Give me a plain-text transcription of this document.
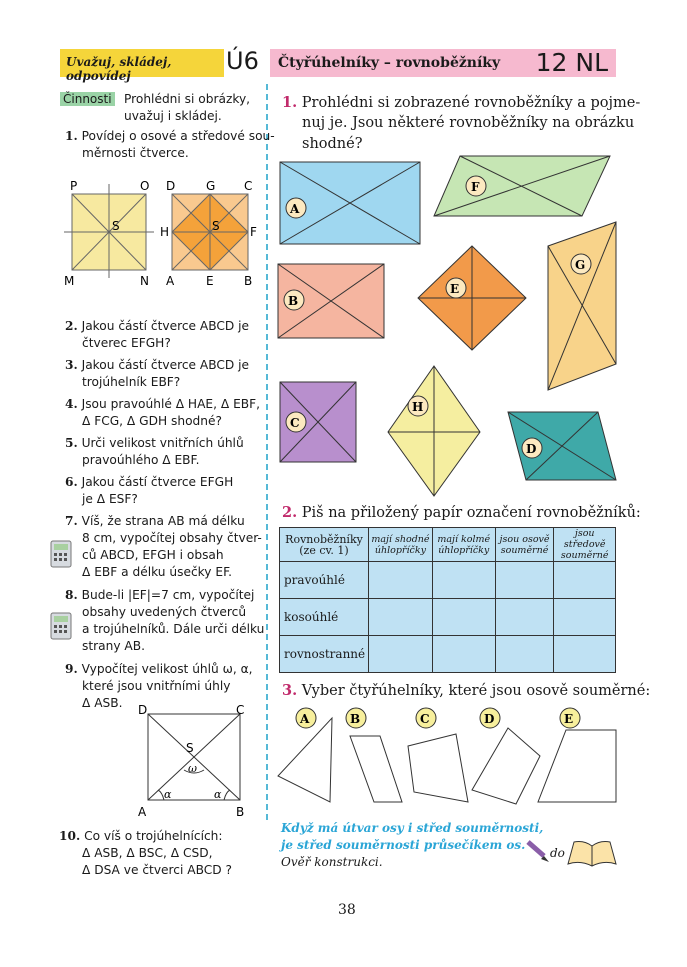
Uvažuj, skládej, odpovídej
Ú6 Čtyřúhelníky – rovnoběžníky 12 NL
Činnosti Prohlédni si obrázky,
uvažuj i skládej.
1. Povídej o osové a středové sou-
měrnosti čtverce.
P	O
M	N
S
D	G C
H	F
A	E	B
S
2. Jakou částí čtverce ABCD je
čtverec EFGH?
3. Jakou částí čtverce ABCD je
trojúhelník EBF?
4. Jsou pravoúhlé Δ HAE, Δ EBF,
Δ FCG, Δ GDH shodné?
5. Urči velikost vnitřních úhlů
pravoúhlého Δ EBF.
6. Jakou částí čtverce EFGH
je Δ ESF?
7. Víš, že strana AB má délku
8 cm, vypočítej obsahy čtver-
ců ABCD, EFGH i obsah
Δ EBF a délku úsečky EF.
8. Bude-li |EF|=7 cm, vypočítej
obsahy uvedených čtverců
a trojúhelníků. Dále urči délku
strany AB.
9. Vypočítej velikost úhlů ω, α,
které jsou vnitřními úhly
Δ ASB. D	C
S
ω
α	α
A	B
10. Co víš o trojúhelnících:
Δ ASB, Δ BSC, Δ CSD,
Δ DSA ve čtverci ABCD ?
1. Prohlédni si zobrazené rovnoběžníky a pojme-
nuj je. Jsou některé rovnoběžníky na obrázku
shodné?
A
F
G
B
E
C
H
D
2. Piš na přiložený papír označení rovnoběžníků:
Rovnoběžníky (ze cv. 1)	mají shodné úhlopříčky	mají kolmé úhlopříčky	jsou osově souměrné	jsou středově souměrné
pravoúhlé				
kosoúhlé				
rovnostranné				
3. Vyber čtyřúhelníky, které jsou osově souměrné:
A	B	C	D	E
Když má útvar osy i střed souměrnosti,
je střed souměrnosti průsečíkem os.
Ověř konstrukci.
do
38
